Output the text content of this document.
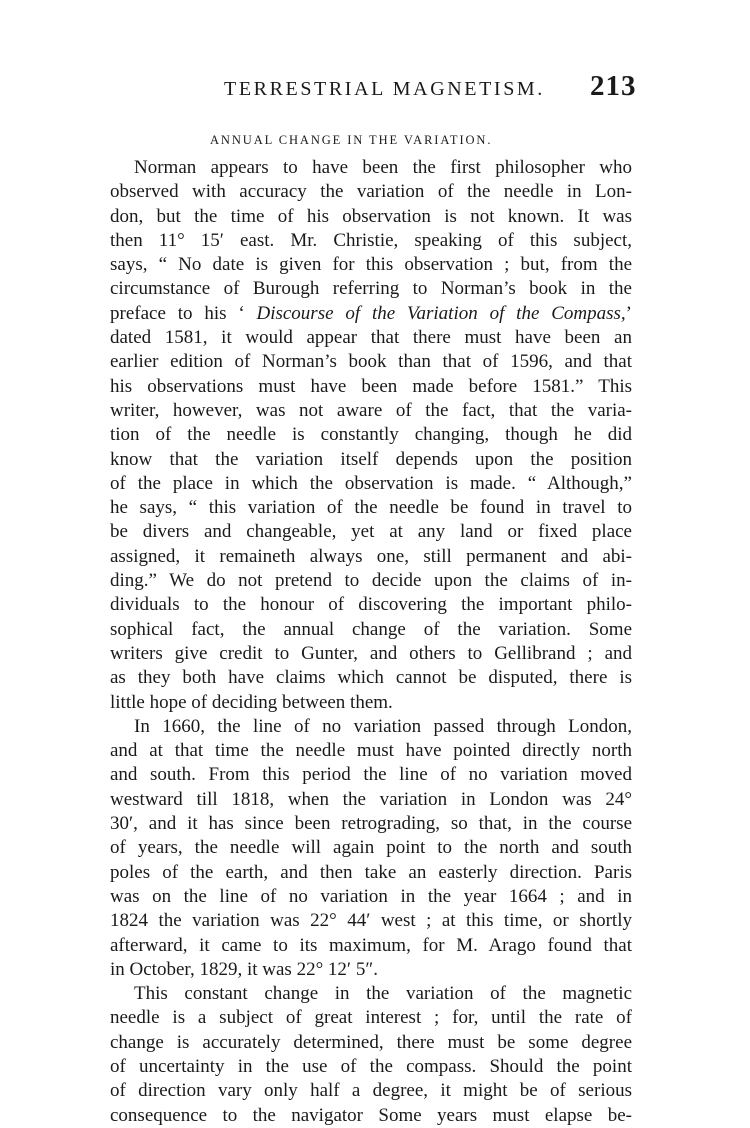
TERRESTRIAL MAGNETISM. 213
ANNUAL CHANGE IN THE VARIATION.
Norman appears to have been the first philosopher who
observed with accuracy the variation of the needle in Lon-
don, but the time of his observation is not known. It was
then 11° 15′ east. Mr. Christie, speaking of this subject,
says, “ No date is given for this observation ; but, from the
circumstance of Burough referring to Norman’s book in the
preface to his ‘ Discourse of the Variation of the Compass,’
dated 1581, it would appear that there must have been an
earlier edition of Norman’s book than that of 1596, and that
his observations must have been made before 1581.” This
writer, however, was not aware of the fact, that the varia-
tion of the needle is constantly changing, though he did
know that the variation itself depends upon the position
of the place in which the observation is made. “ Although,”
he says, “ this variation of the needle be found in travel to
be divers and changeable, yet at any land or fixed place
assigned, it remaineth always one, still permanent and abi-
ding.” We do not pretend to decide upon the claims of in-
dividuals to the honour of discovering the important philo-
sophical fact, the annual change of the variation. Some
writers give credit to Gunter, and others to Gellibrand ; and
as they both have claims which cannot be disputed, there is
little hope of deciding between them.
In 1660, the line of no variation passed through London,
and at that time the needle must have pointed directly north
and south. From this period the line of no variation moved
westward till 1818, when the variation in London was 24°
30′, and it has since been retrograding, so that, in the course
of years, the needle will again point to the north and south
poles of the earth, and then take an easterly direction. Paris
was on the line of no variation in the year 1664 ; and in
1824 the variation was 22° 44′ west ; at this time, or shortly
afterward, it came to its maximum, for M. Arago found that
in October, 1829, it was 22° 12′ 5″.
This constant change in the variation of the magnetic
needle is a subject of great interest ; for, until the rate of
change is accurately determined, there must be some degree
of uncertainty in the use of the compass. Should the point
of direction vary only half a degree, it might be of serious
consequence to the navigator Some years must elapse be-
